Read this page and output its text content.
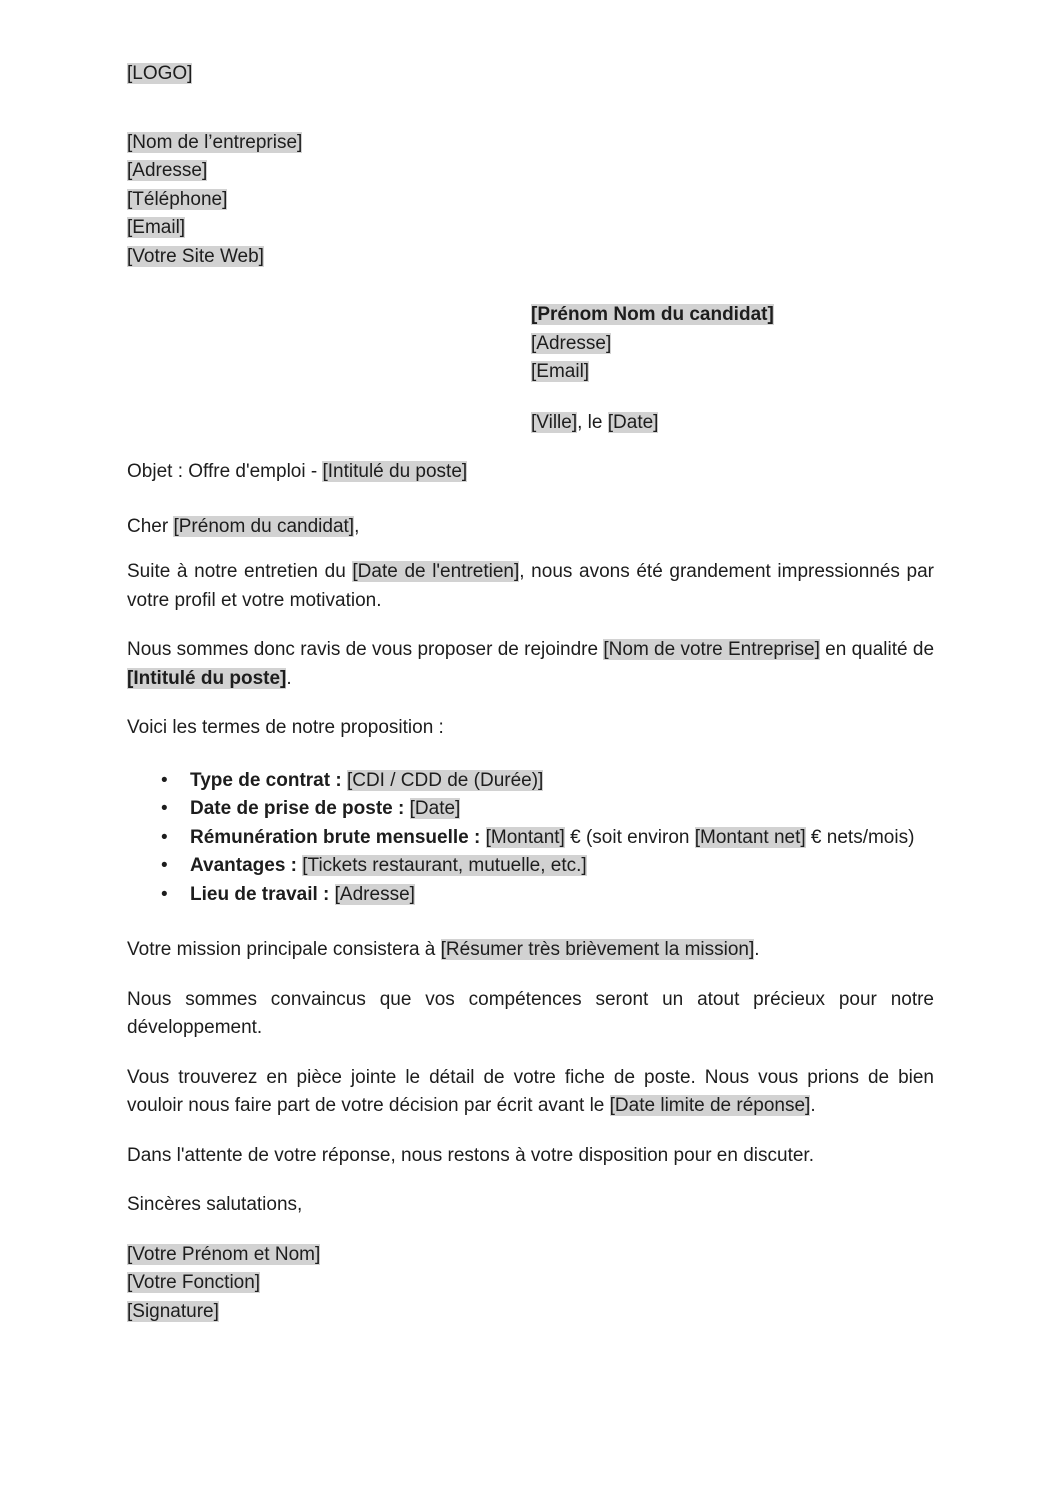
[LOGO]

[Nom de l’entreprise]
[Adresse]
[Téléphone]
[Email]
[Votre Site Web]
[Prénom Nom du candidat]
[Adresse]
[Email]

[Ville], le [Date]

Objet : Offre d'emploi - [Intitulé du poste]

Cher [Prénom du candidat],

Suite à notre entretien du [Date de l'entretien], nous avons été grandement impressionnés par votre profil et votre motivation.

Nous sommes donc ravis de vous proposer de rejoindre [Nom de votre Entreprise] en qualité de [Intitulé du poste].

Voici les termes de notre proposition :

• Type de contrat : [CDI / CDD de (Durée)]
• Date de prise de poste : [Date]
• Rémunération brute mensuelle : [Montant] € (soit environ [Montant net] € nets/mois)
• Avantages : [Tickets restaurant, mutuelle, etc.]
• Lieu de travail : [Adresse]

Votre mission principale consistera à [Résumer très brièvement la mission].

Nous sommes convaincus que vos compétences seront un atout précieux pour notre développement.

Vous trouverez en pièce jointe le détail de votre fiche de poste. Nous vous prions de bien vouloir nous faire part de votre décision par écrit avant le [Date limite de réponse].

Dans l'attente de votre réponse, nous restons à votre disposition pour en discuter.

Sincères salutations,

[Votre Prénom et Nom]
[Votre Fonction]
[Signature]
